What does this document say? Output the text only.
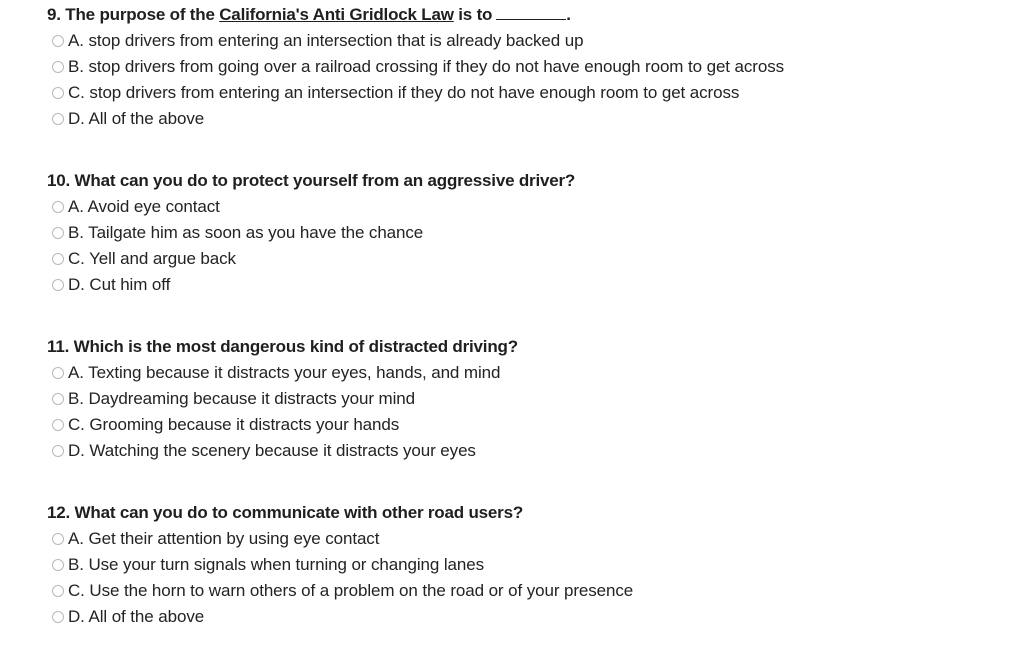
9. The purpose of the California's Anti Gridlock Law is to	.
A. stop drivers from entering an intersection that is already backed up
B. stop drivers from going over a railroad crossing if they do not have enough room to get across
C. stop drivers from entering an intersection if they do not have enough room to get across
D. All of the above
10. What can you do to protect yourself from an aggressive driver?
A. Avoid eye contact
B. Tailgate him as soon as you have the chance
C. Yell and argue back
D. Cut him off
11. Which is the most dangerous kind of distracted driving?
A. Texting because it distracts your eyes, hands, and mind
B. Daydreaming because it distracts your mind
C. Grooming because it distracts your hands
D. Watching the scenery because it distracts your eyes
12. What can you do to communicate with other road users?
A. Get their attention by using eye contact
B. Use your turn signals when turning or changing lanes
C. Use the horn to warn others of a problem on the road or of your presence
D. All of the above
